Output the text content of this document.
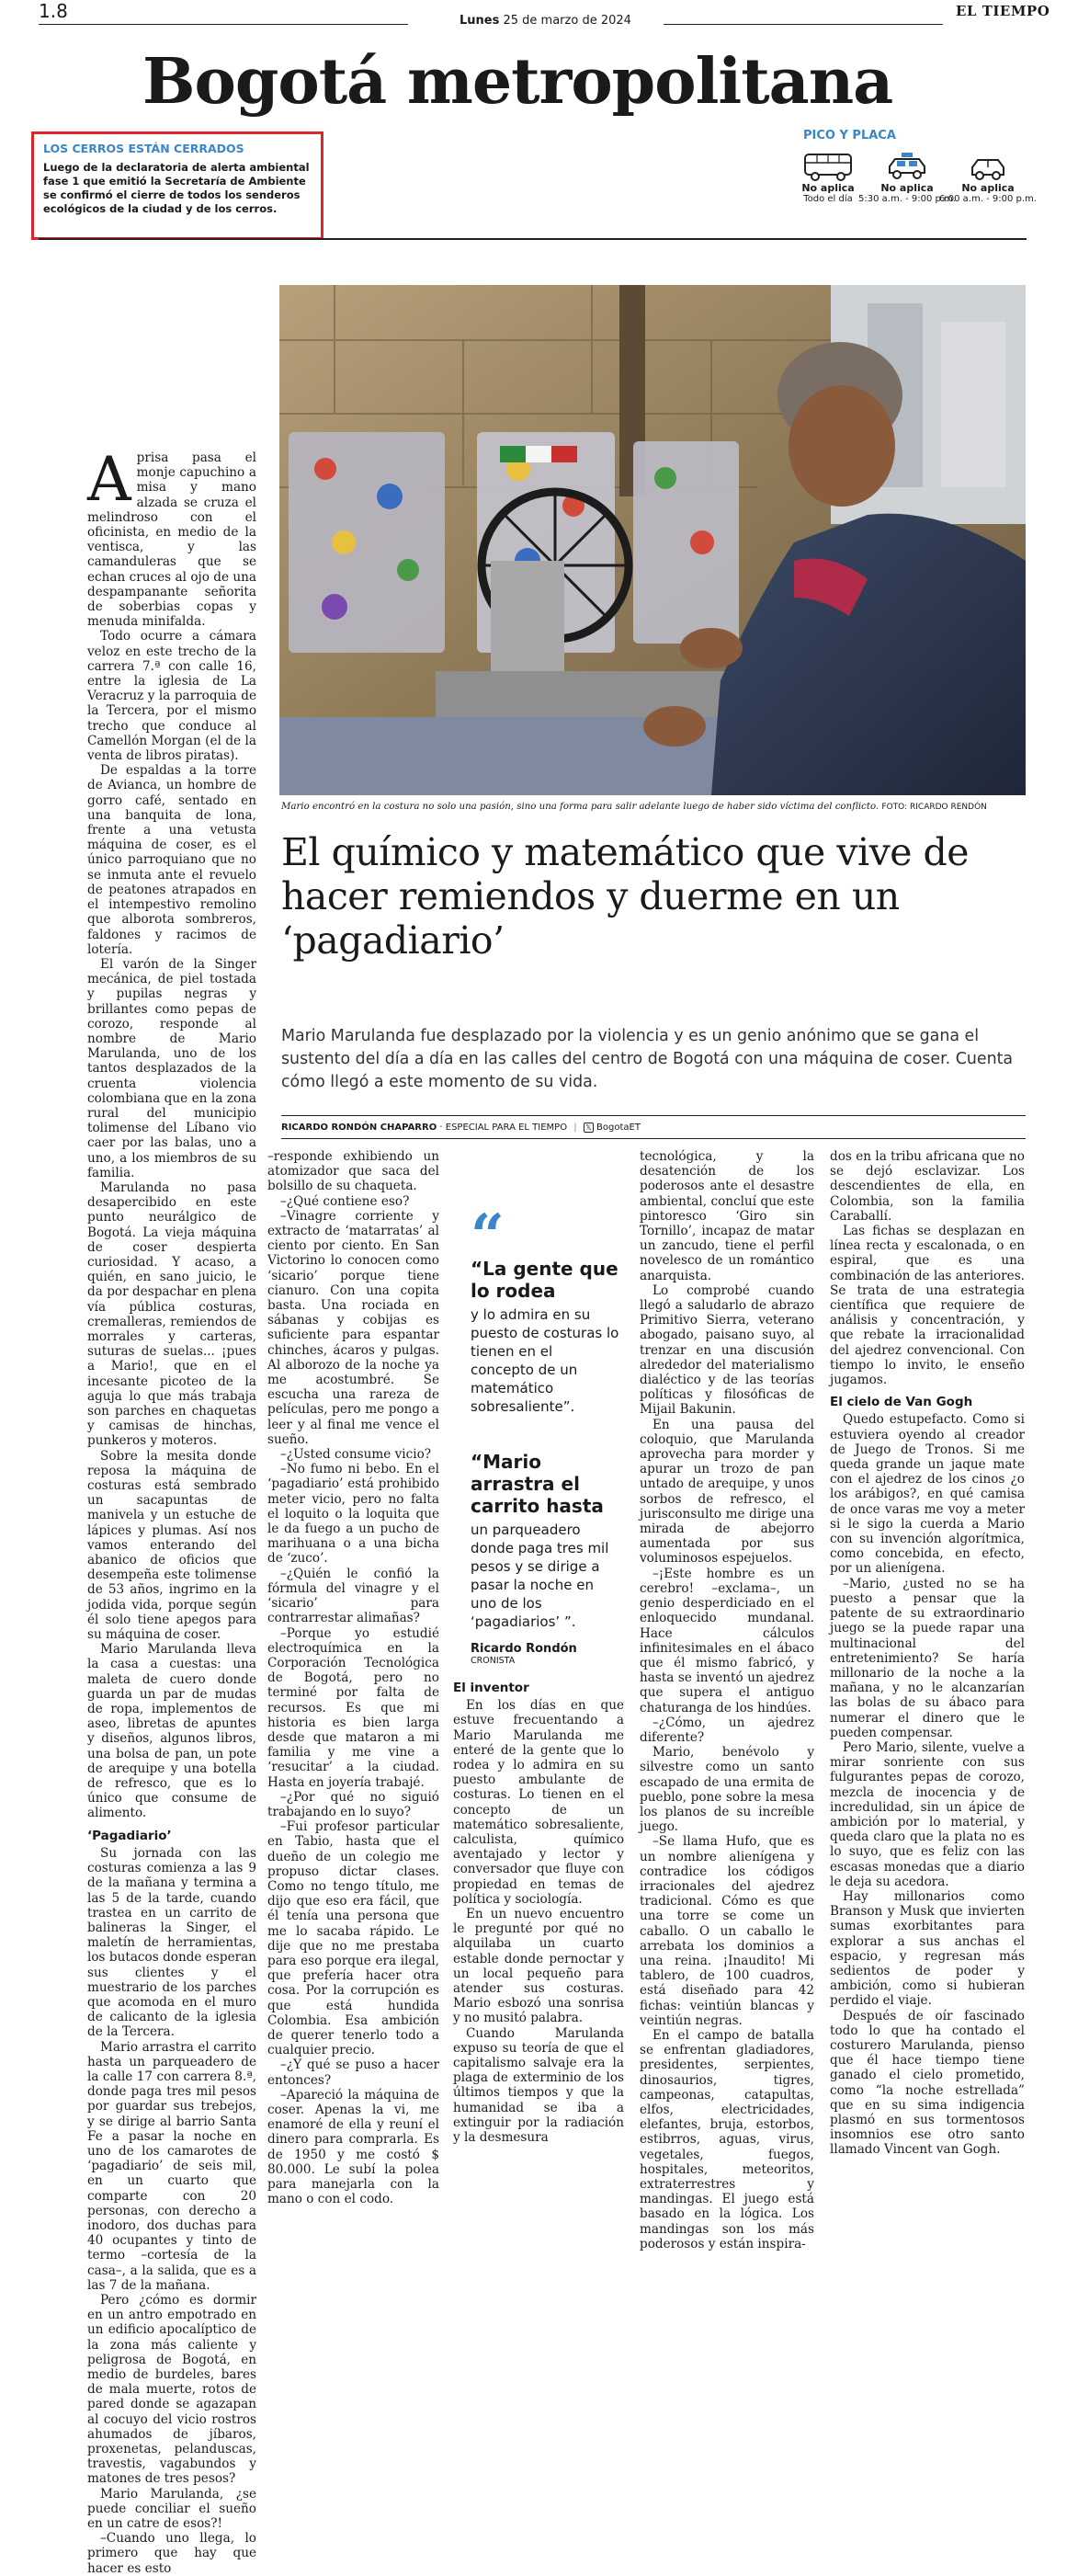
1.8	Lunes 25 de marzo de 2024
EL TIEMPO
Bogotá metropolitana
LOS CERROS ESTÁN CERRADOS
Luego de la declaratoria de alerta ambiental fase 1 que emitió la Secretaría de Ambiente se confirmó el cierre de todos los senderos ecológicos de la ciudad y de los cerros.
PICO Y PLACA
No aplica
Todo el día
No aplica
5:30 a.m. - 9:00 p.m.
No aplica
6:00 a.m. - 9:00 p.m.
Mario encontró en la costura no solo una pasión, sino una forma para salir adelante luego de haber sido víctima del conflicto. FOTO: RICARDO RENDÓN
El químico y matemático que vive de hacer remiendos y duerme en un ‘pagadiario’
Mario Marulanda fue desplazado por la violencia y es un genio anónimo que se gana el sustento del día a día en las calles del centro de Bogotá con una máquina de coser. Cuenta cómo llegó a este momento de su vida.
RICARDO RONDÓN CHAPARRO · ESPECIAL PARA EL TIEMPO | 𝕏 BogotaET

Aprisa pasa el monje capuchino a misa y mano alzada se cruza el melindroso con el oficinista, en medio de la ventisca, y las camanduleras que se echan cruces al ojo de una despampanante señorita de soberbias copas y menuda minifalda.

Todo ocurre a cámara veloz en este trecho de la carrera 7.ª con calle 16, entre la iglesia de La Veracruz y la parroquia de la Tercera, por el mismo trecho que conduce al Camellón Morgan (el de la venta de libros piratas).

De espaldas a la torre de Avianca, un hombre de gorro café, sentado en una banquita de lona, frente a una vetusta máquina de coser, es el único parroquiano que no se inmuta ante el revuelo de peatones atrapados en el intempestivo remolino que alborota sombreros, faldones y racimos de lotería.

El varón de la Singer mecánica, de piel tostada y pupilas negras y brillantes como pepas de corozo, responde al nombre de Mario Marulanda, uno de los tantos desplazados de la cruenta violencia colombiana que en la zona rural del municipio tolimense del Líbano vio caer por las balas, uno a uno, a los miembros de su familia.

Marulanda no pasa desapercibido en este punto neurálgico de Bogotá. La vieja máquina de coser despierta curiosidad. Y acaso, a quién, en sano juicio, le da por despachar en plena vía pública costuras, cremalleras, remiendos de morrales y carteras, suturas de suelas... ¡pues a Mario!, que en el incesante picoteo de la aguja lo que más trabaja son parches en chaquetas y camisas de hinchas, punkeros y moteros.

Sobre la mesita donde reposa la máquina de costuras está sembrado un sacapuntas de manivela y un estuche de lápices y plumas. Así nos vamos enterando del abanico de oficios que desempeña este tolimense de 53 años, ingrimo en la jodida vida, porque según él solo tiene apegos para su máquina de coser.

Mario Marulanda lleva la casa a cuestas: una maleta de cuero donde guarda un par de mudas de ropa, implementos de aseo, libretas de apuntes y diseños, algunos libros, una bolsa de pan, un pote de arequipe y una botella de refresco, que es lo único que consume de alimento.

‘Pagadiario’

Su jornada con las costuras comienza a las 9 de la mañana y termina a las 5 de la tarde, cuando trastea en un carrito de balineras la Singer, el maletín de herramientas, los butacos donde esperan sus clientes y el muestrario de los parches que acomoda en el muro de calicanto de la iglesia de la Tercera.

Mario arrastra el carrito hasta un parqueadero de la calle 17 con carrera 8.ª, donde paga tres mil pesos por guardar sus trebejos, y se dirige al barrio Santa Fe a pasar la noche en uno de los camarotes de ‘pagadiario’ de seis mil, en un cuarto que comparte con 20 personas, con derecho a inodoro, dos duchas para 40 ocupantes y tinto de termo –cortesía de la casa–, a la salida, que es a las 7 de la mañana.

Pero ¿cómo es dormir en un antro empotrado en un edificio apocalíptico de la zona más caliente y peligrosa de Bogotá, en medio de burdeles, bares de mala muerte, rotos de pared donde se agazapan al cocuyo del vicio rostros ahumados de jíbaros, proxenetas, pelanduscas, travestis, vagabundos y matones de tres pesos?

Mario Marulanda, ¿se puede conciliar el sueño en un catre de esos?!

–Cuando uno llega, lo primero que hay que hacer es esto

–responde exhibiendo un atomizador que saca del bolsillo de su chaqueta.

–¿Qué contiene eso?

–Vinagre corriente y extracto de ‘matarratas’ al ciento por ciento. En San Victorino lo conocen como ‘sicario’ porque tiene cianuro. Con una copita basta. Una rociada en sábanas y cobijas es suficiente para espantar chinches, ácaros y pulgas. Al alborozo de la noche ya me acostumbré. Se escucha una rareza de películas, pero me pongo a leer y al final me vence el sueño.

–¿Usted consume vicio?

–No fumo ni bebo. En el ‘pagadiario’ está prohibido meter vicio, pero no falta el loquito o la loquita que le da fuego a un pucho de marihuana o a una bicha de ‘zuco’.

–¿Quién le confió la fórmula del vinagre y el ‘sicario’ para contrarrestar alimañas?

–Porque yo estudié electroquímica en la Corporación Tecnológica de Bogotá, pero no terminé por falta de recursos. Es que mi historia es bien larga desde que mataron a mi familia y me vine a ‘resucitar’ a la ciudad. Hasta en joyería trabajé.

–¿Por qué no siguió trabajando en lo suyo?

–Fui profesor particular en Tabio, hasta que el dueño de un colegio me propuso dictar clases. Como no tengo título, me dijo que eso era fácil, que él tenía una persona que me lo sacaba rápido. Le dije que no me prestaba para eso porque era ilegal, que prefería hacer otra cosa. Por la corrupción es que está hundida Colombia. Esa ambición de querer tenerlo todo a cualquier precio.

–¿Y qué se puso a hacer entonces?

–Apareció la máquina de coser. Apenas la vi, me enamoré de ella y reuní el dinero para comprarla. Es de 1950 y me costó $ 80.000. Le subí la polea para manejarla con la mano o con el codo.

“
“La gente que lo rodea
y lo admira en su puesto de costuras lo tienen en el concepto de un matemático sobresaliente”.
“Mario arrastra el carrito hasta
un parqueadero donde paga tres mil pesos y se dirige a pasar la noche en uno de los ‘pagadiarios’ ”.
Ricardo Rondón
CRONISTA
El inventor

En los días en que estuve frecuentando a Mario Marulanda me enteré de la gente que lo rodea y lo admira en su puesto ambulante de costuras. Lo tienen en el concepto de un matemático sobresaliente, calculista, químico aventajado y lector y conversador que fluye con propiedad en temas de política y sociología.

En un nuevo encuentro le pregunté por qué no alquilaba un cuarto estable donde pernoctar y un local pequeño para atender sus costuras. Mario esbozó una sonrisa y no musitó palabra.

Cuando Marulanda expuso su teoría de que el capitalismo salvaje era la plaga de exterminio de los últimos tiempos y que la humanidad se iba a extinguir por la radiación y la desmesura

tecnológica, y la desatención de los poderosos ante el desastre ambiental, concluí que este pintoresco ‘Giro sin Tornillo’, incapaz de matar un zancudo, tiene el perfil novelesco de un romántico anarquista.

Lo comprobé cuando llegó a saludarlo de abrazo Primitivo Sierra, veterano abogado, paisano suyo, al trenzar en una discusión alrededor del materialismo dialéctico y de las teorías políticas y filosóficas de Mijail Bakunin.

En una pausa del coloquio, que Marulanda aprovecha para morder y apurar un trozo de pan untado de arequipe, y unos sorbos de refresco, el jurisconsulto me dirige una mirada de abejorro aumentada por sus voluminosos espejuelos.

–¡Este hombre es un cerebro! –exclama–, un genio desperdiciado en el enloquecido mundanal. Hace cálculos infinitesimales en el ábaco que él mismo fabricó, y hasta se inventó un ajedrez que supera el antiguo chaturanga de los hindúes.

–¿Cómo, un ajedrez diferente?

Mario, benévolo y silvestre como un santo escapado de una ermita de pueblo, pone sobre la mesa los planos de su increíble juego.

–Se llama Hufo, que es un nombre alienígena y contradice los códigos irracionales del ajedrez tradicional. Cómo es que una torre se come un caballo. O un caballo le arrebata los dominios a una reina. ¡Inaudito! Mi tablero, de 100 cuadros, está diseñado para 42 fichas: veintiún blancas y veintiún negras.

En el campo de batalla se enfrentan gladiadores, presidentes, serpientes, dinosaurios, tigres, campeonas, catapultas, elfos, electricidades, elefantes, bruja, estorbos, estibrros, aguas, virus, vegetales, fuegos, hospitales, meteoritos, extraterrestres y mandingas. El juego está basado en la lógica. Los mandingas son los más poderosos y están inspira-

dos en la tribu africana que no se dejó esclavizar. Los descendientes de ella, en Colombia, son la familia Caraballí.

Las fichas se desplazan en línea recta y escalonada, o en espiral, que es una combinación de las anteriores. Se trata de una estrategia científica que requiere de análisis y concentración, y que rebate la irracionalidad del ajedrez convencional. Con tiempo lo invito, le enseño jugamos.

El cielo de Van Gogh

Quedo estupefacto. Como si estuviera oyendo al creador de Juego de Tronos. Si me queda grande un jaque mate con el ajedrez de los cinos ¿o los arábigos?, en qué camisa de once varas me voy a meter si le sigo la cuerda a Mario con su invención algorítmica, como concebida, en efecto, por un alienígena.

–Mario, ¿usted no se ha puesto a pensar que la patente de su extraordinario juego se la puede rapar una multinacional del entretenimiento? Se haría millonario de la noche a la mañana, y no le alcanzarían las bolas de su ábaco para numerar el dinero que le pueden compensar.

Pero Mario, silente, vuelve a mirar sonriente con sus fulgurantes pepas de corozo, mezcla de inocencia y de incredulidad, sin un ápice de ambición por lo material, y queda claro que la plata no es lo suyo, que es feliz con las escasas monedas que a diario le deja su acedora.

Hay millonarios como Branson y Musk que invierten sumas exorbitantes para explorar a sus anchas el espacio, y regresan más sedientos de poder y ambición, como si hubieran perdido el viaje.

Después de oír fascinado todo lo que ha contado el costurero Marulanda, pienso que él hace tiempo tiene ganado el cielo prometido, como “la noche estrellada” que en su sima indigencia plasmó en sus tormentosos insomnios ese otro santo llamado Vincent van Gogh.
